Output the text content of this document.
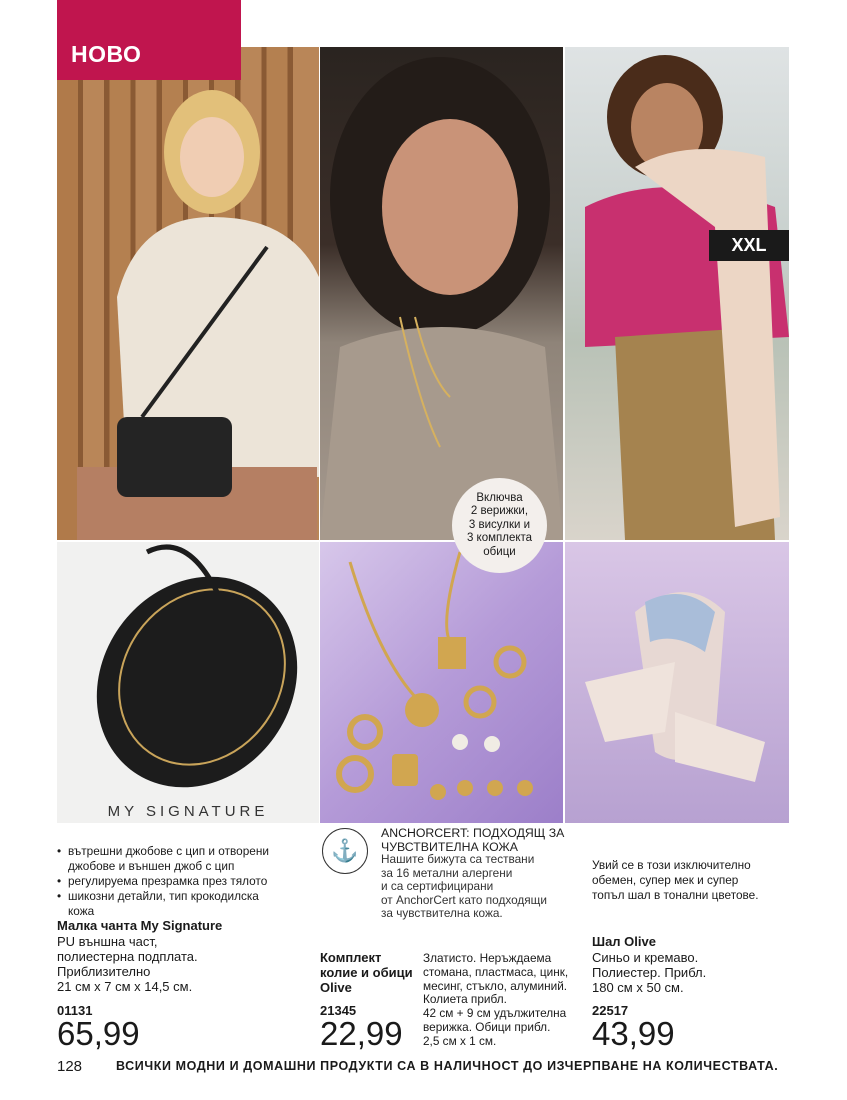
НОВО
XXL
Включва
2 верижки,
3 висулки и
3 комплекта
обици
MY SIGNATURE
• вътрешни джобове с цип и отворени джобове и външен джоб с цип
• регулируема презрамка през тялото
• шикозни детайли, тип крокодилска кожа
Малка чанта My Signature
PU външна част,
полиестерна подплата.
Приблизително
21 см х 7 см х 14,5 см.
01131
65,99
⚓
ANCHORCERT: ПОДХОДЯЩ ЗА ЧУВСТВИТЕЛНА КОЖА
Нашите бижута са тествани
за 16 метални алергени
и са сертифицирани
от AnchorCert като подходящи
за чувствителна кожа.
Комплект
колие и обици
Olive
Златисто. Неръждаема
стомана, пластмаса, цинк,
месинг, стъкло, алуминий.
Колиета прибл.
42 см + 9 см удължителна
верижка. Обици прибл.
2,5 см х 1 см.
21345
22,99
Увий се в този изключително
обемен, супер мек и супер
топъл шал в тонални цветове.
Шал Olive
Синьо и кремаво.
Полиестер. Прибл.
180 см х 50 см.
22517
43,99
128	ВСИЧКИ МОДНИ И ДОМАШНИ ПРОДУКТИ СА В НАЛИЧНОСТ ДО ИЗЧЕРПВАНЕ НА КОЛИЧЕСТВАТА.
